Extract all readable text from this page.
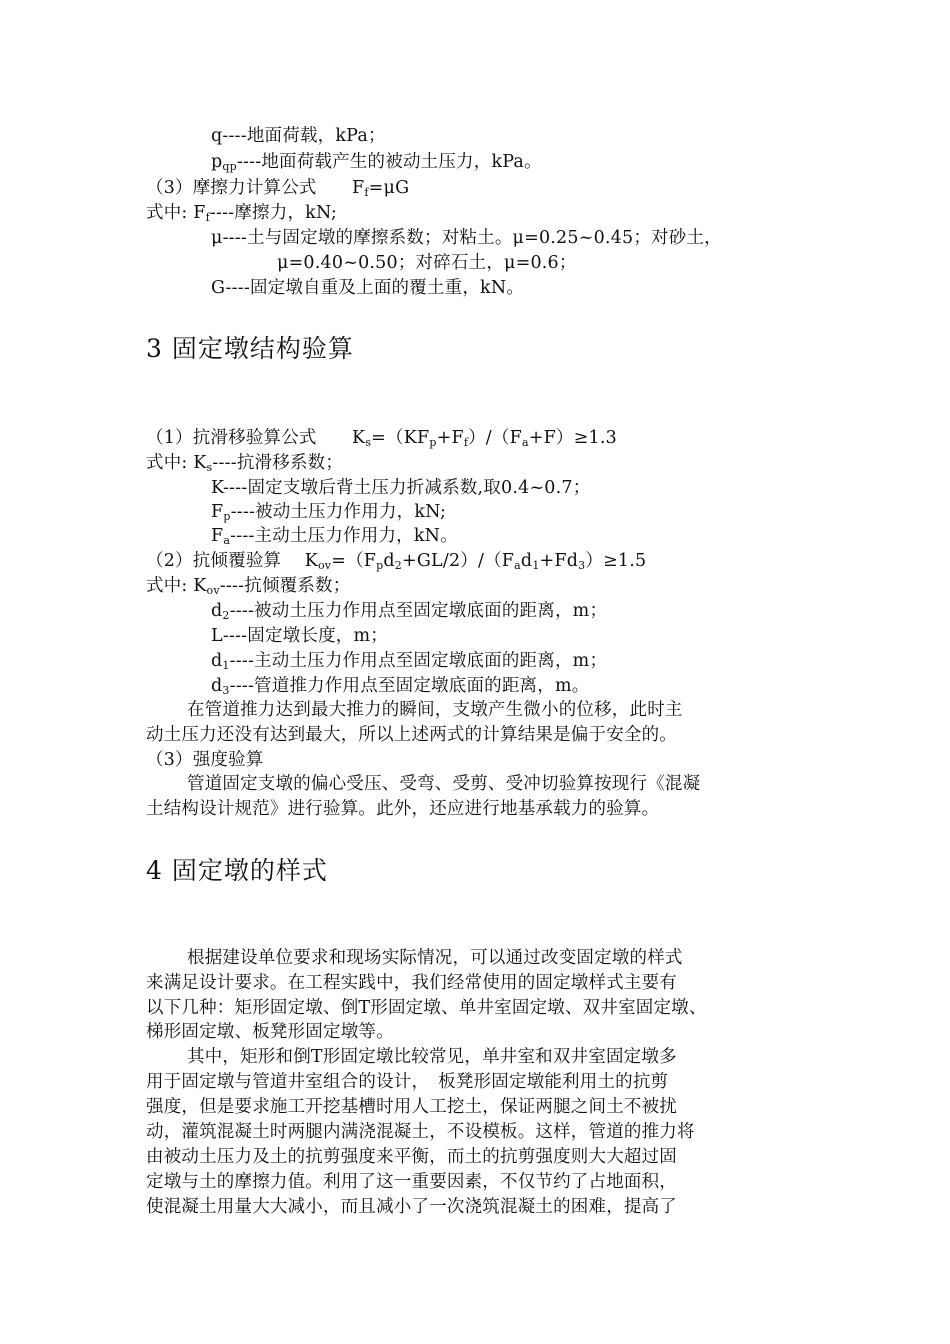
q----地面荷载，kPa；
$p_{qp}----$地面荷载产生的被动土压力，kPa。
（3）摩擦力计算公式　　$F_f=\mu G$
式中: $F_f----$摩擦力，kN;
μ----土与固定墩的摩擦系数；对粘土。μ=0.25~0.45；对砂土，
μ=0.40~0.50；对碎石土，μ=0.6；
G----固定墩自重及上面的覆土重，kN。
3 固定墩结构验算
（1）抗滑移验算公式　　$K_s=(KF_p+F_f)/(F_a+F)\ge 1.3$
式中: $K_s----$抗滑移系数；
K----固定支墩后背土压力折减系数,取0.4~0.7；
$F_p----$被动土压力作用力，kN;
$F_a----$主动土压力作用力，kN。
（2）抗倾覆验算　 $K_{ov}=(F_pd_2+GL/2)/(F_ad_1+Fd_3)\ge 1.5$
式中: $K_{ov}----$抗倾覆系数；
$d_2----$被动土压力作用点至固定墩底面的距离，m；
L----固定墩长度，m；
$d_1----$主动土压力作用点至固定墩底面的距离，m；
$d_3----$管道推力作用点至固定墩底面的距离，m。
在管道推力达到最大推力的瞬间，支墩产生微小的位移，此时主
动土压力还没有达到最大，所以上述两式的计算结果是偏于安全的。
（3）强度验算
管道固定支墩的偏心受压、受弯、受剪、受冲切验算按现行《混凝
土结构设计规范》进行验算。此外，还应进行地基承载力的验算。
4 固定墩的样式
根据建设单位要求和现场实际情况，可以通过改变固定墩的样式
来满足设计要求。在工程实践中，我们经常使用的固定墩样式主要有
以下几种：矩形固定墩、倒T形固定墩、单井室固定墩、双井室固定墩、
梯形固定墩、板凳形固定墩等。
其中，矩形和倒T形固定墩比较常见，单井室和双井室固定墩多
用于固定墩与管道井室组合的设计，　板凳形固定墩能利用土的抗剪
强度，但是要求施工开挖基槽时用人工挖土，保证两腿之间土不被扰
动，灌筑混凝土时两腿内满浇混凝土，不设模板。这样，管道的推力将
由被动土压力及土的抗剪强度来平衡，而土的抗剪强度则大大超过固
定墩与土的摩擦力值。利用了这一重要因素，不仅节约了占地面积，
使混凝土用量大大减小，而且减小了一次浇筑混凝土的困难，提高了
